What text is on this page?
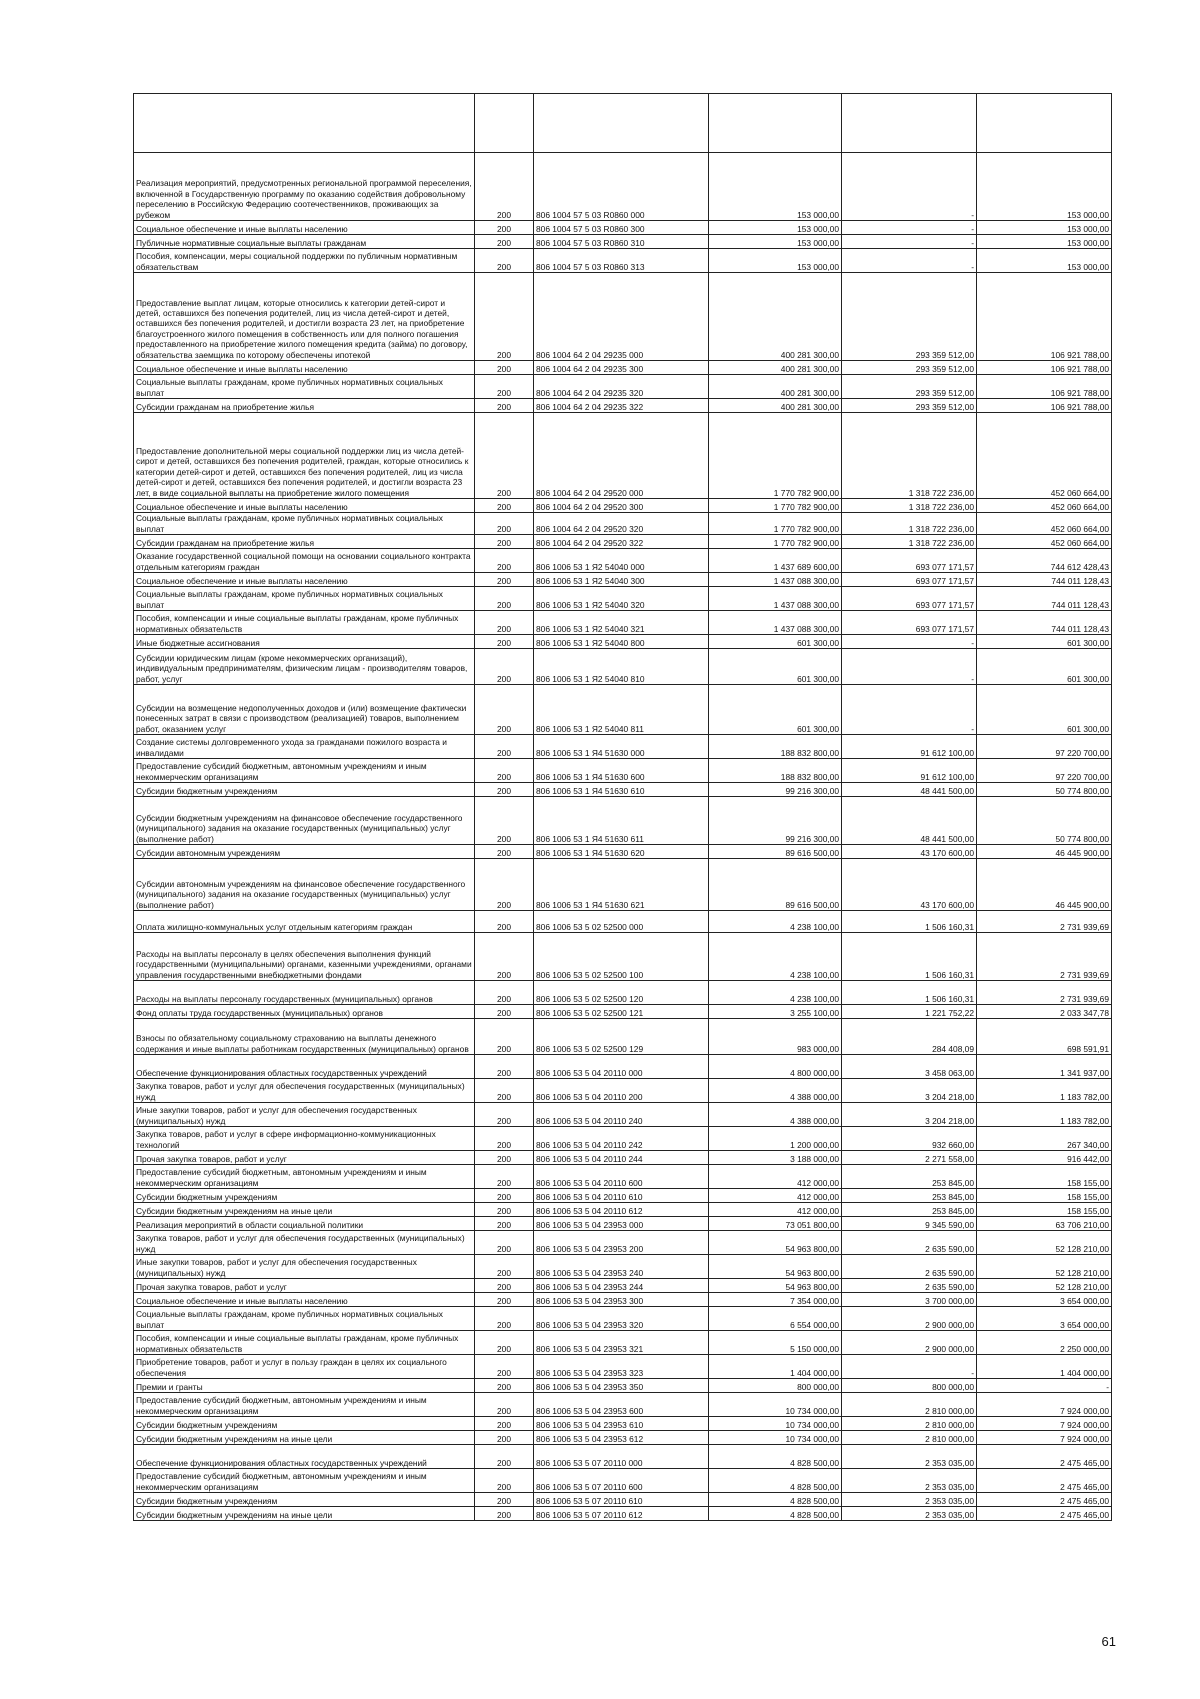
Реализация мероприятий, предусмотренных региональной программой переселения, включенной в Государственную программу по оказанию содействия добровольному переселению в Российскую Федерацию соотечественников, проживающих за рубежом	200	806 1004 57 5 03 R0860 000	153 000,00	-	153 000,00
Социальное обеспечение и иные выплаты населению	200	806 1004 57 5 03 R0860 300	153 000,00	-	153 000,00
Публичные нормативные социальные выплаты гражданам	200	806 1004 57 5 03 R0860 310	153 000,00	-	153 000,00
Пособия, компенсации, меры социальной поддержки по публичным нормативным обязательствам	200	806 1004 57 5 03 R0860 313	153 000,00	-	153 000,00
Предоставление выплат лицам, которые относились к категории детей-сирот и детей, оставшихся без попечения родителей, лиц из числа детей-сирот и детей, оставшихся без попечения родителей, и достигли возраста 23 лет, на приобретение благоустроенного жилого помещения в собственность или для полного погашения предоставленного на приобретение жилого помещения кредита (займа) по договору, обязательства заемщика по которому обеспечены ипотекой	200	806 1004 64 2 04 29235 000	400 281 300,00	293 359 512,00	106 921 788,00
Социальное обеспечение и иные выплаты населению	200	806 1004 64 2 04 29235 300	400 281 300,00	293 359 512,00	106 921 788,00
Социальные выплаты гражданам, кроме публичных нормативных социальных выплат	200	806 1004 64 2 04 29235 320	400 281 300,00	293 359 512,00	106 921 788,00
Субсидии гражданам на приобретение жилья	200	806 1004 64 2 04 29235 322	400 281 300,00	293 359 512,00	106 921 788,00
Предоставление дополнительной меры социальной поддержки лиц из числа детей-сирот и детей, оставшихся без попечения родителей, граждан, которые относились к категории детей-сирот и детей, оставшихся без попечения родителей, лиц из числа детей-сирот и детей, оставшихся без попечения родителей, и достигли возраста 23 лет, в виде социальной выплаты на приобретение жилого помещения	200	806 1004 64 2 04 29520 000	1 770 782 900,00	1 318 722 236,00	452 060 664,00
Социальное обеспечение и иные выплаты населению	200	806 1004 64 2 04 29520 300	1 770 782 900,00	1 318 722 236,00	452 060 664,00
Социальные выплаты гражданам, кроме публичных нормативных социальных выплат	200	806 1004 64 2 04 29520 320	1 770 782 900,00	1 318 722 236,00	452 060 664,00
Субсидии гражданам на приобретение жилья	200	806 1004 64 2 04 29520 322	1 770 782 900,00	1 318 722 236,00	452 060 664,00
Оказание государственной социальной помощи на основании социального контракта отдельным категориям граждан	200	806 1006 53 1 Я2 54040 000	1 437 689 600,00	693 077 171,57	744 612 428,43
Социальное обеспечение и иные выплаты населению	200	806 1006 53 1 Я2 54040 300	1 437 088 300,00	693 077 171,57	744 011 128,43
Социальные выплаты гражданам, кроме публичных нормативных социальных выплат	200	806 1006 53 1 Я2 54040 320	1 437 088 300,00	693 077 171,57	744 011 128,43
Пособия, компенсации и иные социальные выплаты гражданам, кроме публичных нормативных обязательств	200	806 1006 53 1 Я2 54040 321	1 437 088 300,00	693 077 171,57	744 011 128,43
Иные бюджетные ассигнования	200	806 1006 53 1 Я2 54040 800	601 300,00	-	601 300,00
Субсидии юридическим лицам (кроме некоммерческих организаций), индивидуальным предпринимателям, физическим лицам - производителям товаров, работ, услуг	200	806 1006 53 1 Я2 54040 810	601 300,00	-	601 300,00
Субсидии на возмещение недополученных доходов и (или) возмещение фактически понесенных затрат в связи с производством (реализацией) товаров, выполнением работ, оказанием услуг	200	806 1006 53 1 Я2 54040 811	601 300,00	-	601 300,00
Создание системы долговременного ухода за гражданами пожилого возраста и инвалидами	200	806 1006 53 1 Я4 51630 000	188 832 800,00	91 612 100,00	97 220 700,00
Предоставление субсидий бюджетным, автономным учреждениям и иным некоммерческим организациям	200	806 1006 53 1 Я4 51630 600	188 832 800,00	91 612 100,00	97 220 700,00
Субсидии бюджетным учреждениям	200	806 1006 53 1 Я4 51630 610	99 216 300,00	48 441 500,00	50 774 800,00
Субсидии бюджетным учреждениям на финансовое обеспечение государственного (муниципального) задания на оказание государственных (муниципальных) услуг (выполнение работ)	200	806 1006 53 1 Я4 51630 611	99 216 300,00	48 441 500,00	50 774 800,00
Субсидии автономным учреждениям	200	806 1006 53 1 Я4 51630 620	89 616 500,00	43 170 600,00	46 445 900,00
Субсидии автономным учреждениям на финансовое обеспечение государственного (муниципального) задания на оказание государственных (муниципальных) услуг (выполнение работ)	200	806 1006 53 1 Я4 51630 621	89 616 500,00	43 170 600,00	46 445 900,00
Оплата жилищно-коммунальных услуг отдельным категориям граждан	200	806 1006 53 5 02 52500 000	4 238 100,00	1 506 160,31	2 731 939,69
Расходы на выплаты персоналу в целях обеспечения выполнения функций государственными (муниципальными) органами, казенными учреждениями, органами управления государственными внебюджетными фондами	200	806 1006 53 5 02 52500 100	4 238 100,00	1 506 160,31	2 731 939,69
Расходы на выплаты персоналу государственных (муниципальных) органов	200	806 1006 53 5 02 52500 120	4 238 100,00	1 506 160,31	2 731 939,69
Фонд оплаты труда государственных (муниципальных) органов	200	806 1006 53 5 02 52500 121	3 255 100,00	1 221 752,22	2 033 347,78
Взносы по обязательному социальному страхованию на выплаты денежного содержания и иные выплаты работникам государственных (муниципальных) органов	200	806 1006 53 5 02 52500 129	983 000,00	284 408,09	698 591,91
Обеспечение функционирования областных государственных учреждений	200	806 1006 53 5 04 20110 000	4 800 000,00	3 458 063,00	1 341 937,00
Закупка товаров, работ и услуг для обеспечения государственных (муниципальных) нужд	200	806 1006 53 5 04 20110 200	4 388 000,00	3 204 218,00	1 183 782,00
Иные закупки товаров, работ и услуг для обеспечения государственных (муниципальных) нужд	200	806 1006 53 5 04 20110 240	4 388 000,00	3 204 218,00	1 183 782,00
Закупка товаров, работ и услуг в сфере информационно-коммуникационных технологий	200	806 1006 53 5 04 20110 242	1 200 000,00	932 660,00	267 340,00
Прочая закупка товаров, работ и услуг	200	806 1006 53 5 04 20110 244	3 188 000,00	2 271 558,00	916 442,00
Предоставление субсидий бюджетным, автономным учреждениям и иным некоммерческим организациям	200	806 1006 53 5 04 20110 600	412 000,00	253 845,00	158 155,00
Субсидии бюджетным учреждениям	200	806 1006 53 5 04 20110 610	412 000,00	253 845,00	158 155,00
Субсидии бюджетным учреждениям на иные цели	200	806 1006 53 5 04 20110 612	412 000,00	253 845,00	158 155,00
Реализация мероприятий в области социальной политики	200	806 1006 53 5 04 23953 000	73 051 800,00	9 345 590,00	63 706 210,00
Закупка товаров, работ и услуг для обеспечения государственных (муниципальных) нужд	200	806 1006 53 5 04 23953 200	54 963 800,00	2 635 590,00	52 128 210,00
Иные закупки товаров, работ и услуг для обеспечения государственных (муниципальных) нужд	200	806 1006 53 5 04 23953 240	54 963 800,00	2 635 590,00	52 128 210,00
Прочая закупка товаров, работ и услуг	200	806 1006 53 5 04 23953 244	54 963 800,00	2 635 590,00	52 128 210,00
Социальное обеспечение и иные выплаты населению	200	806 1006 53 5 04 23953 300	7 354 000,00	3 700 000,00	3 654 000,00
Социальные выплаты гражданам, кроме публичных нормативных социальных выплат	200	806 1006 53 5 04 23953 320	6 554 000,00	2 900 000,00	3 654 000,00
Пособия, компенсации и иные социальные выплаты гражданам, кроме публичных нормативных обязательств	200	806 1006 53 5 04 23953 321	5 150 000,00	2 900 000,00	2 250 000,00
Приобретение товаров, работ и услуг в пользу граждан в целях их социального обеспечения	200	806 1006 53 5 04 23953 323	1 404 000,00	-	1 404 000,00
Премии и гранты	200	806 1006 53 5 04 23953 350	800 000,00	800 000,00	-
Предоставление субсидий бюджетным, автономным учреждениям и иным некоммерческим организациям	200	806 1006 53 5 04 23953 600	10 734 000,00	2 810 000,00	7 924 000,00
Субсидии бюджетным учреждениям	200	806 1006 53 5 04 23953 610	10 734 000,00	2 810 000,00	7 924 000,00
Субсидии бюджетным учреждениям на иные цели	200	806 1006 53 5 04 23953 612	10 734 000,00	2 810 000,00	7 924 000,00
Обеспечение функционирования областных государственных учреждений	200	806 1006 53 5 07 20110 000	4 828 500,00	2 353 035,00	2 475 465,00
Предоставление субсидий бюджетным, автономным учреждениям и иным некоммерческим организациям	200	806 1006 53 5 07 20110 600	4 828 500,00	2 353 035,00	2 475 465,00
Субсидии бюджетным учреждениям	200	806 1006 53 5 07 20110 610	4 828 500,00	2 353 035,00	2 475 465,00
Субсидии бюджетным учреждениям на иные цели	200	806 1006 53 5 07 20110 612	4 828 500,00	2 353 035,00	2 475 465,00
61
